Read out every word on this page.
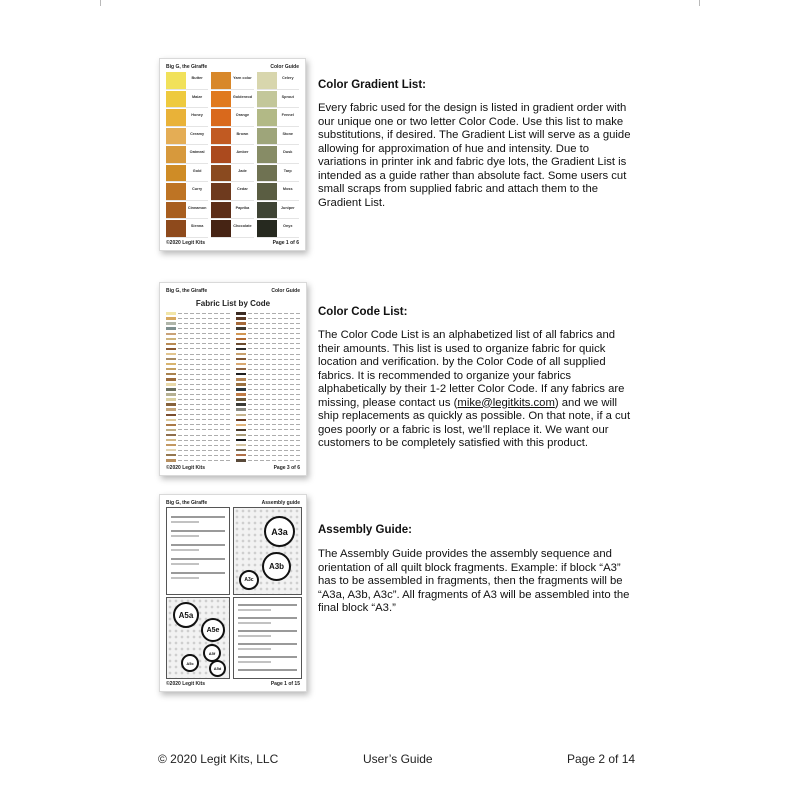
Big G, the Giraffe	Color Guide
Butter	Yarn color	Celery
Maize	Goldenrod	Sprout
Honey	Orange	Fennel
Creamy	Brown	Stone
Oatmeal	Amber	Dusk
Gold	Jade	Tarp
Curry	Cedar	Moss
Cinnamon	Paprika	Juniper
Sienna	Chocolate	Onyx
©2020 Legit Kits	Page 1 of 6
Color Gradient List:

Every fabric used for the design is listed in gradient order with
our unique one or two letter Color Code. Use this list to make
substitutions, if desired. The Gradient List will serve as a guide
allowing for approximation of hue and intensity. Due to
variations in printer ink and fabric dye lots, the Gradient List is
intended as a guide rather than absolute fact. Some users cut
small scraps from supplied fabric and attach them to the
Gradient List.

Big G, the Giraffe	Color Guide
Fabric List by Code
©2020 Legit Kits	Page 3 of 6
Color Code List:

The Color Code List is an alphabetized list of all fabrics and
their amounts. This list is used to organize fabric for quick
location and verification. by the Color Code of all supplied
fabrics. It is recommended to organize your fabrics
alphabetically by their 1-2 letter Color Code. If any fabrics are
missing, please contact us (mike@legitkits.com) and we will
ship replacements as quickly as possible. On that note, if a cut
goes poorly or a fabric is lost, we’ll replace it. We want our
customers to be completely satisfied with this product.

Big G, the Giraffe	Assembly guide
A3a
A3b
A3c
A5a
A5e
A5f
A5c
A5d
©2020 Legit Kits	Page 1 of 15
Assembly Guide:

The Assembly Guide provides the assembly sequence and
orientation of all quilt block fragments. Example: if block “A3”
has to be assembled in fragments, then the fragments will be
“A3a, A3b, A3c”. All fragments of A3 will be assembled into the
final block “A3.”

© 2020 Legit Kits, LLC	User’s Guide	Page 2 of 14
